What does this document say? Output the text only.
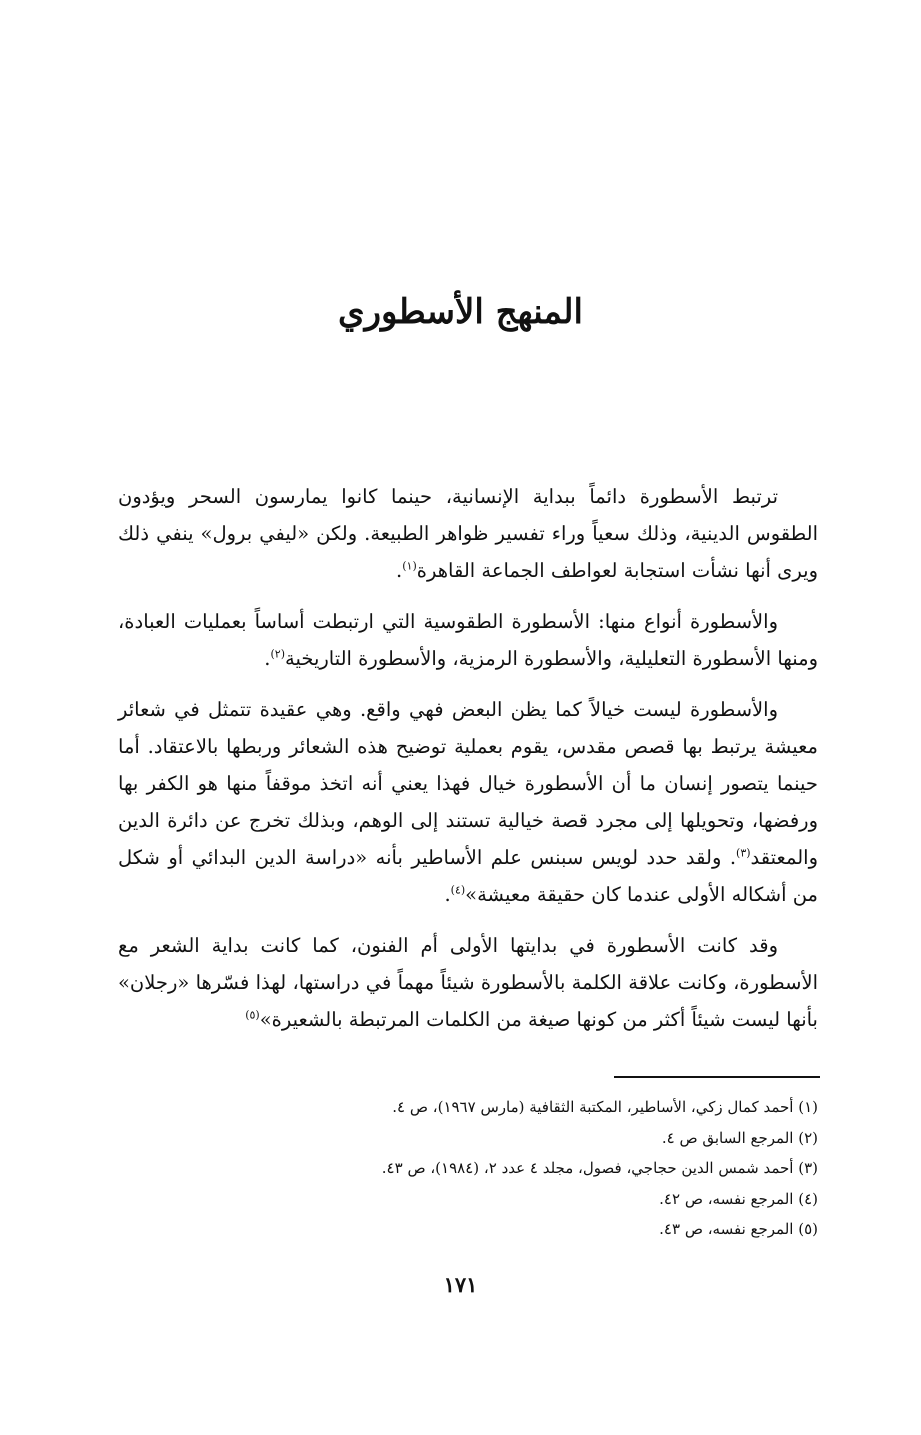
المنهج الأسطوري

ترتبط الأسطورة دائماً ببداية الإنسانية، حينما كانوا يمارسون السحر ويؤدون الطقوس الدينية، وذلك سعياً وراء تفسير ظواهر الطبيعة. ولكن «ليفي برول» ينفي ذلك ويرى أنها نشأت استجابة لعواطف الجماعة القاهرة$^{(١)}$.

والأسطورة أنواع منها: الأسطورة الطقوسية التي ارتبطت أساساً بعمليات العبادة، ومنها الأسطورة التعليلية، والأسطورة الرمزية، والأسطورة التاريخية$^{(٢)}$.

والأسطورة ليست خيالاً كما يظن البعض فهي واقع. وهي عقيدة تتمثل في شعائر معيشة يرتبط بها قصص مقدس، يقوم بعملية توضيح هذه الشعائر وربطها بالاعتقاد. أما حينما يتصور إنسان ما أن الأسطورة خيال فهذا يعني أنه اتخذ موقفاً منها هو الكفر بها ورفضها، وتحويلها إلى مجرد قصة خيالية تستند إلى الوهم، وبذلك تخرج عن دائرة الدين والمعتقد$^{(٣)}$. ولقد حدد لويس سبنس علم الأساطير بأنه «دراسة الدين البدائي أو شكل من أشكاله الأولى عندما كان حقيقة معيشة»$^{(٤)}$.

وقد كانت الأسطورة في بدايتها الأولى أم الفنون، كما كانت بداية الشعر مع الأسطورة، وكانت علاقة الكلمة بالأسطورة شيئاً مهماً في دراستها، لهذا فسّرها «رجلان» بأنها ليست شيئاً أكثر من كونها صيغة من الكلمات المرتبطة بالشعيرة»$^{(٥)}$

(١) أحمد كمال زكي، الأساطير، المكتبة الثقافية (مارس ١٩٦٧)، ص ٤.
(٢) المرجع السابق ص ٤.
(٣) أحمد شمس الدين حجاجي، فصول، مجلد ٤ عدد ٢، (١٩٨٤)، ص ٤٣.
(٤) المرجع نفسه، ص ٤٢.
(٥) المرجع نفسه، ص ٤٣.
١٧١
